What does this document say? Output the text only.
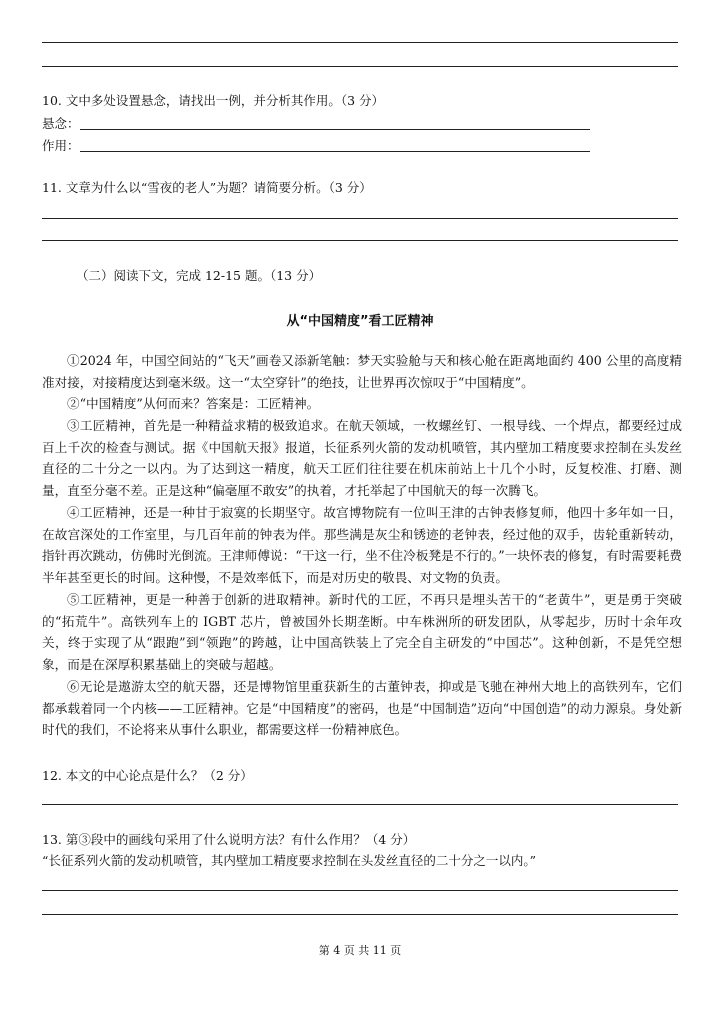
10. 文中多处设置悬念，请找出一例，并分析其作用。（3 分）
悬念：
作用：
11. 文章为什么以“雪夜的老人”为题？请简要分析。（3 分）
（二）阅读下文，完成 12-15 题。（13 分）
从“中国精度”看工匠精神
①2024 年，中国空间站的“飞天”画卷又添新笔触：梦天实验舱与天和核心舱在距离地面约 400 公里的高度精准对接，对接精度达到毫米级。这一“太空穿针”的绝技，让世界再次惊叹于“中国精度”。
②“中国精度”从何而来？答案是：工匠精神。
③工匠精神，首先是一种精益求精的极致追求。在航天领域，一枚螺丝钉、一根导线、一个焊点，都要经过成百上千次的检查与测试。据《中国航天报》报道，长征系列火箭的发动机喷管，其内壁加工精度要求控制在头发丝直径的二十分之一以内。为了达到这一精度，航天工匠们往往要在机床前站上十几个小时，反复校准、打磨、测量，直至分毫不差。正是这种“偏毫厘不敢安”的执着，才托举起了中国航天的每一次腾飞。
④工匠精神，还是一种甘于寂寞的长期坚守。故宫博物院有一位叫王津的古钟表修复师，他四十多年如一日，在故宫深处的工作室里，与几百年前的钟表为伴。那些满是灰尘和锈迹的老钟表，经过他的双手，齿轮重新转动，指针再次跳动，仿佛时光倒流。王津师傅说：“干这一行，坐不住冷板凳是不行的。”一块怀表的修复，有时需要耗费半年甚至更长的时间。这种慢，不是效率低下，而是对历史的敬畏、对文物的负责。
⑤工匠精神，更是一种善于创新的进取精神。新时代的工匠，不再只是埋头苦干的“老黄牛”，更是勇于突破的“拓荒牛”。高铁列车上的 IGBT 芯片，曾被国外长期垄断。中车株洲所的研发团队，从零起步，历时十余年攻关，终于实现了从“跟跑”到“领跑”的跨越，让中国高铁装上了完全自主研发的“中国芯”。这种创新，不是凭空想象，而是在深厚积累基础上的突破与超越。
⑥无论是遨游太空的航天器，还是博物馆里重获新生的古董钟表，抑或是飞驰在神州大地上的高铁列车，它们都承载着同一个内核——工匠精神。它是“中国精度”的密码，也是“中国制造”迈向“中国创造”的动力源泉。身处新时代的我们，不论将来从事什么职业，都需要这样一份精神底色。
12. 本文的中心论点是什么？（2 分）
13. 第③段中的画线句采用了什么说明方法？有什么作用？（4 分）
“长征系列火箭的发动机喷管，其内壁加工精度要求控制在头发丝直径的二十分之一以内。”
第 4 页 共 11 页
